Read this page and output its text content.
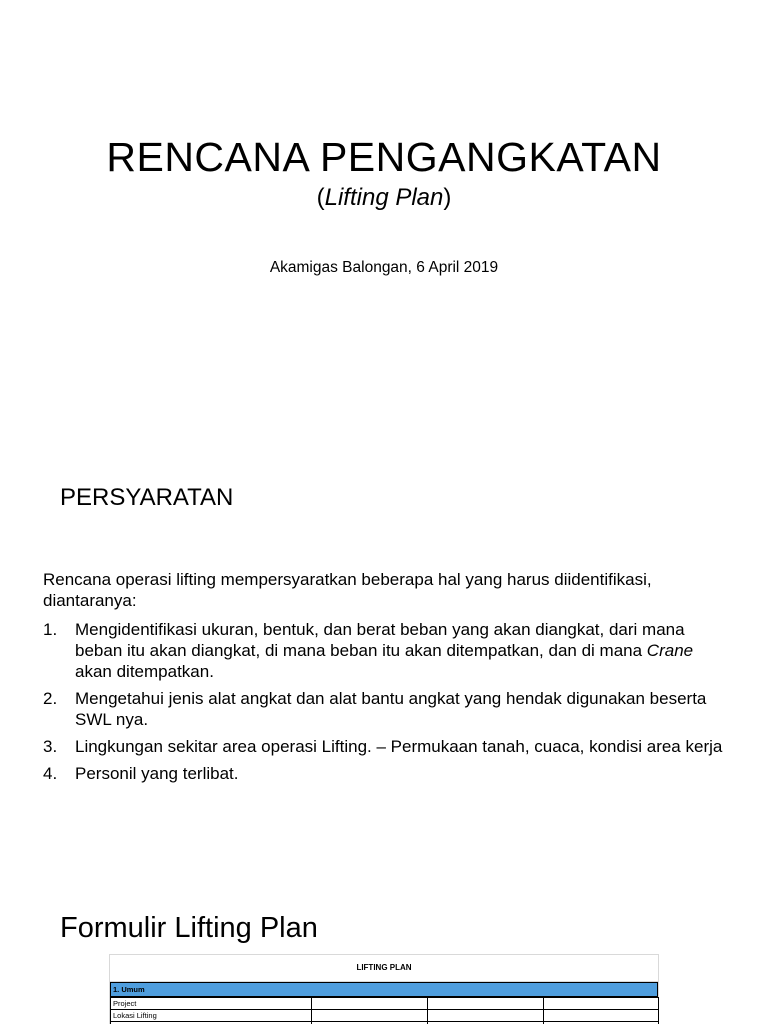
RENCANA PENGANGKATAN
(Lifting Plan)
Akamigas Balongan, 6 April 2019
PERSYARATAN
Rencana operasi lifting mempersyaratkan beberapa hal yang harus diidentifikasi, diantaranya:
1.	Mengidentifikasi ukuran, bentuk, dan berat beban yang akan diangkat, dari mana beban itu akan diangkat, di mana beban itu akan ditempatkan, dan di mana Crane akan ditempatkan.
2.	Mengetahui jenis alat angkat dan alat bantu angkat yang hendak digunakan beserta SWL nya.
3.	Lingkungan sekitar area operasi Lifting. – Permukaan tanah, cuaca, kondisi area kerja
4.	Personil yang terlibat.
Formulir Lifting Plan
LIFTING PLAN
1. Umum
Project			
Lokasi Lifting			
